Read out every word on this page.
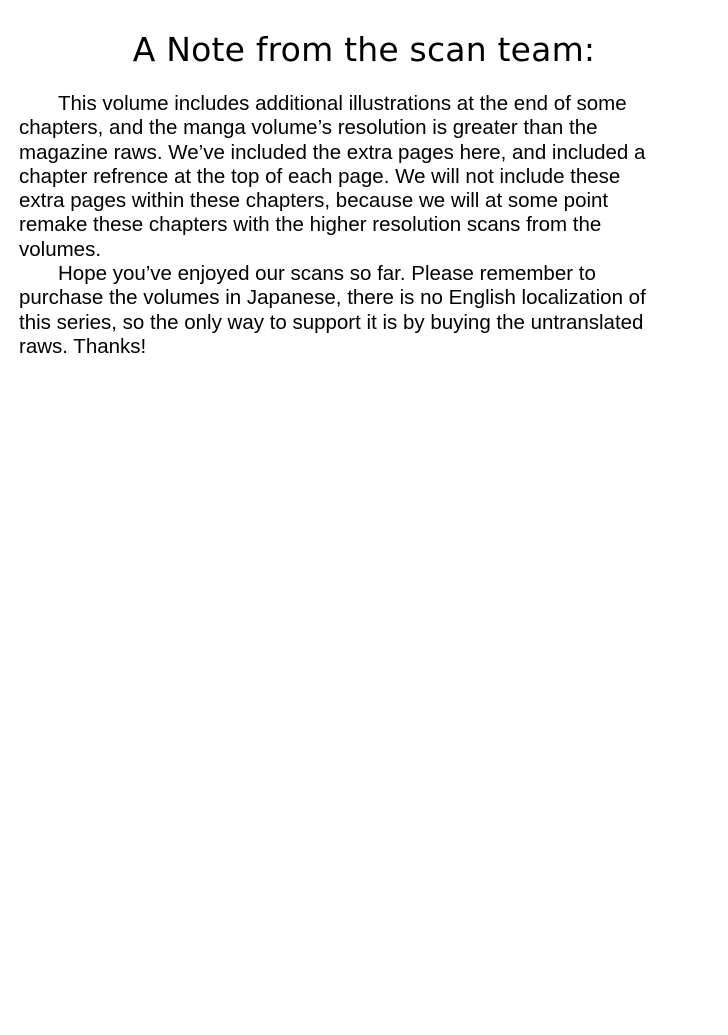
A Note from the scan team:
This volume includes additional illustrations at the end of some
chapters, and the manga volume’s resolution is greater than the
magazine raws. We’ve included the extra pages here, and included a
chapter refrence at the top of each page. We will not include these
extra pages within these chapters, because we will at some point
remake these chapters with the higher resolution scans from the
volumes.
Hope you’ve enjoyed our scans so far. Please remember to
purchase the volumes in Japanese, there is no English localization of
this series, so the only way to support it is by buying the untranslated
raws. Thanks!
